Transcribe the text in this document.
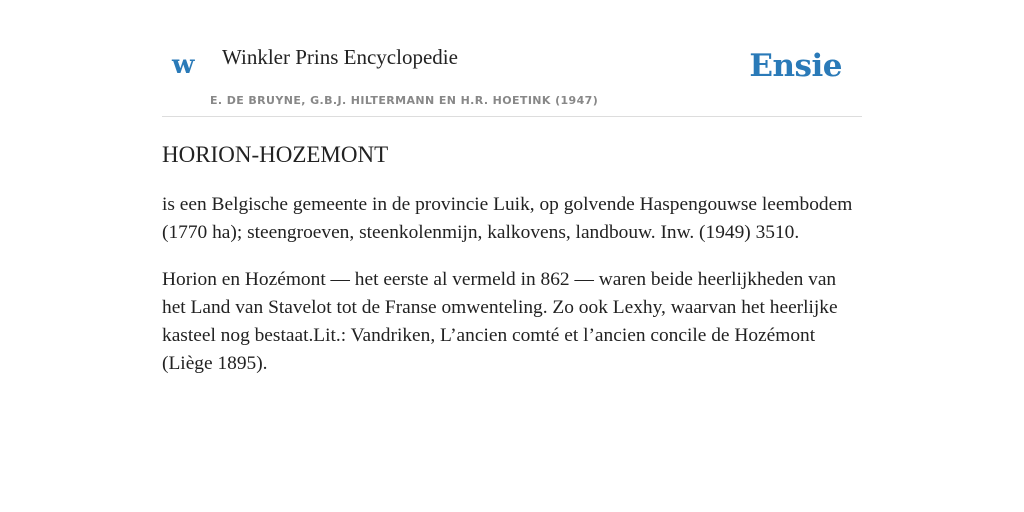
w Winkler Prins Encyclopedie
E. DE BRUYNE, G.B.J. HILTERMANN EN H.R. HOETINK (1947)
Ensie
HORION-HOZEMONT

is een Belgische gemeente in de provincie Luik, op golvende Haspengouwse leembodem (1770 ha); steengroeven, steenkolenmijn, kalkovens, landbouw. Inw. (1949) 3510.

Horion en Hozémont — het eerste al vermeld in 862 — waren beide heerlijkheden van het Land van Stavelot tot de Franse omwenteling. Zo ook Lexhy, waarvan het heerlijke kasteel nog bestaat.Lit.: Vandriken, L’ancien comté et l’ancien concile de Hozémont (Liège 1895).
